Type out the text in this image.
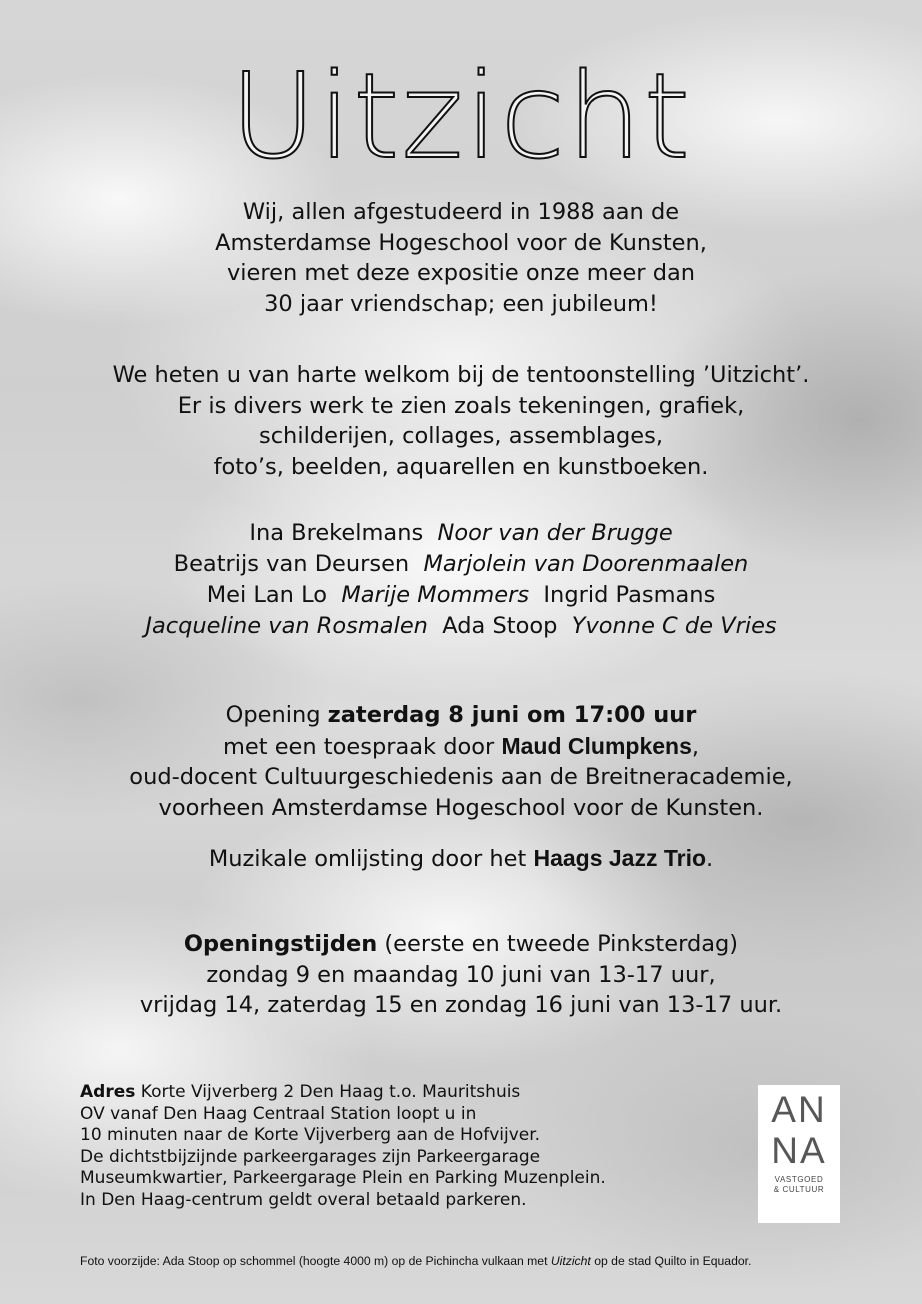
Uitzicht

Wij, allen afgestudeerd in 1988 aan de

Amsterdamse Hogeschool voor de Kunsten,

vieren met deze expositie onze meer dan

30 jaar vriendschap; een jubileum!

We heten u van harte welkom bij de tentoonstelling ’Uitzicht’.

Er is divers werk te zien zoals tekeningen, grafiek,

schilderijen, collages, assemblages,

foto’s, beelden, aquarellen en kunstboeken.

Ina Brekelmans Noor van der Brugge

Beatrijs van Deursen Marjolein van Doorenmaalen

Mei Lan Lo Marije Mommers Ingrid Pasmans

Jacqueline van Rosmalen Ada Stoop Yvonne C de Vries

Opening zaterdag 8 juni om 17:00 uur

met een toespraak door Maud Clumpkens,

oud-docent Cultuurgeschiedenis aan de Breitneracademie,

voorheen Amsterdamse Hogeschool voor de Kunsten.

Muzikale omlijsting door het Haags Jazz Trio.

Openingstijden (eerste en tweede Pinksterdag)

zondag 9 en maandag 10 juni van 13-17 uur,

vrijdag 14, zaterdag 15 en zondag 16 juni van 13-17 uur.

Adres Korte Vijverberg 2 Den Haag t.o. Mauritshuis

OV vanaf Den Haag Centraal Station loopt u in

10 minuten naar de Korte Vijverberg aan de Hofvijver.

De dichtstbijzijnde parkeergarages zijn Parkeergarage

Museumkwartier, Parkeergarage Plein en Parking Muzenplein.

In Den Haag-centrum geldt overal betaald parkeren.

AN
NA
VASTGOED
& CULTUUR
Foto voorzijde: Ada Stoop op schommel (hoogte 4000 m) op de Pichincha vulkaan met Uitzicht op de stad Quilto in Equador.
